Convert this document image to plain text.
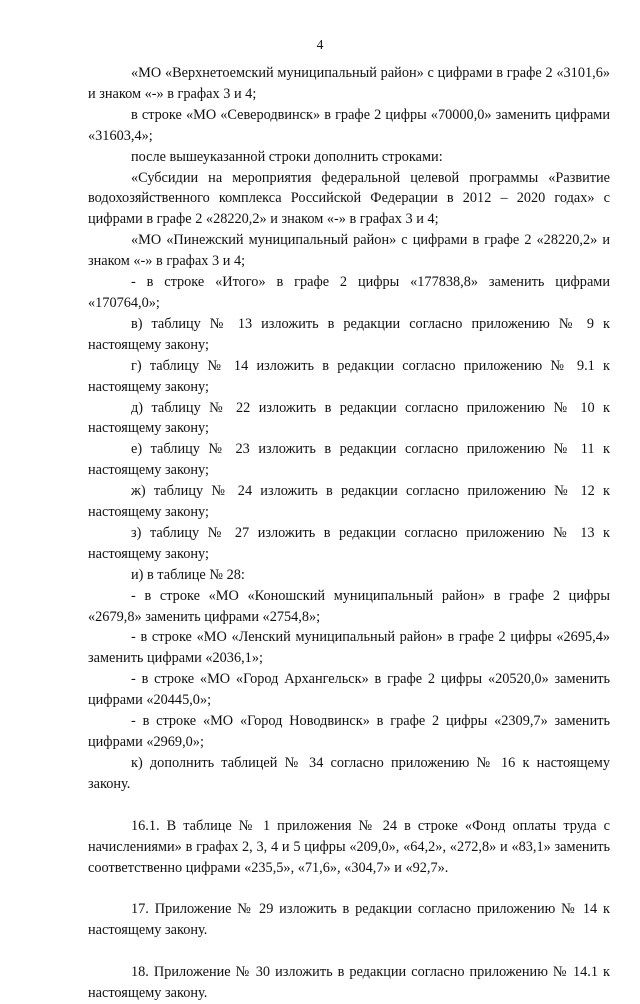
4

«МО «Верхнетоемский муниципальный район» с цифрами в графе 2 «3101,6» и знаком «-» в графах 3 и 4;

в строке «МО «Северодвинск» в графе 2 цифры «70000,0» заменить цифрами «31603,4»;

после вышеуказанной строки дополнить строками:

«Субсидии на мероприятия федеральной целевой программы «Развитие водохозяйственного комплекса Российской Федерации в 2012 – 2020 годах» с цифрами в графе 2 «28220,2» и знаком «-» в графах 3 и 4;

«МО «Пинежский муниципальный район» с цифрами в графе 2 «28220,2» и знаком «-» в графах 3 и 4;

- в строке «Итого» в графе 2 цифры «177838,8» заменить цифрами «170764,0»;

в) таблицу № 13 изложить в редакции согласно приложению № 9 к настоящему закону;

г) таблицу № 14 изложить в редакции согласно приложению № 9.1 к настоящему закону;

д) таблицу № 22 изложить в редакции согласно приложению № 10 к настоящему закону;

е) таблицу № 23 изложить в редакции согласно приложению № 11 к настоящему закону;

ж) таблицу № 24 изложить в редакции согласно приложению № 12 к настоящему закону;

з) таблицу № 27 изложить в редакции согласно приложению № 13 к настоящему закону;

и) в таблице № 28:

- в строке «МО «Коношский муниципальный район» в графе 2 цифры «2679,8» заменить цифрами «2754,8»;

- в строке «МО «Ленский муниципальный район» в графе 2 цифры «2695,4» заменить цифрами «2036,1»;

- в строке «МО «Город Архангельск» в графе 2 цифры «20520,0» заменить цифрами «20445,0»;

- в строке «МО «Город Новодвинск» в графе 2 цифры «2309,7» заменить цифрами «2969,0»;

к) дополнить таблицей № 34 согласно приложению № 16 к настоящему закону.

16.1. В таблице № 1 приложения № 24 в строке «Фонд оплаты труда с начислениями» в графах 2, 3, 4 и 5 цифры «209,0», «64,2», «272,8» и «83,1» заменить соответственно цифрами «235,5», «71,6», «304,7» и «92,7».

17. Приложение № 29 изложить в редакции согласно приложению № 14 к настоящему закону.

18. Приложение № 30 изложить в редакции согласно приложению № 14.1 к настоящему закону.
